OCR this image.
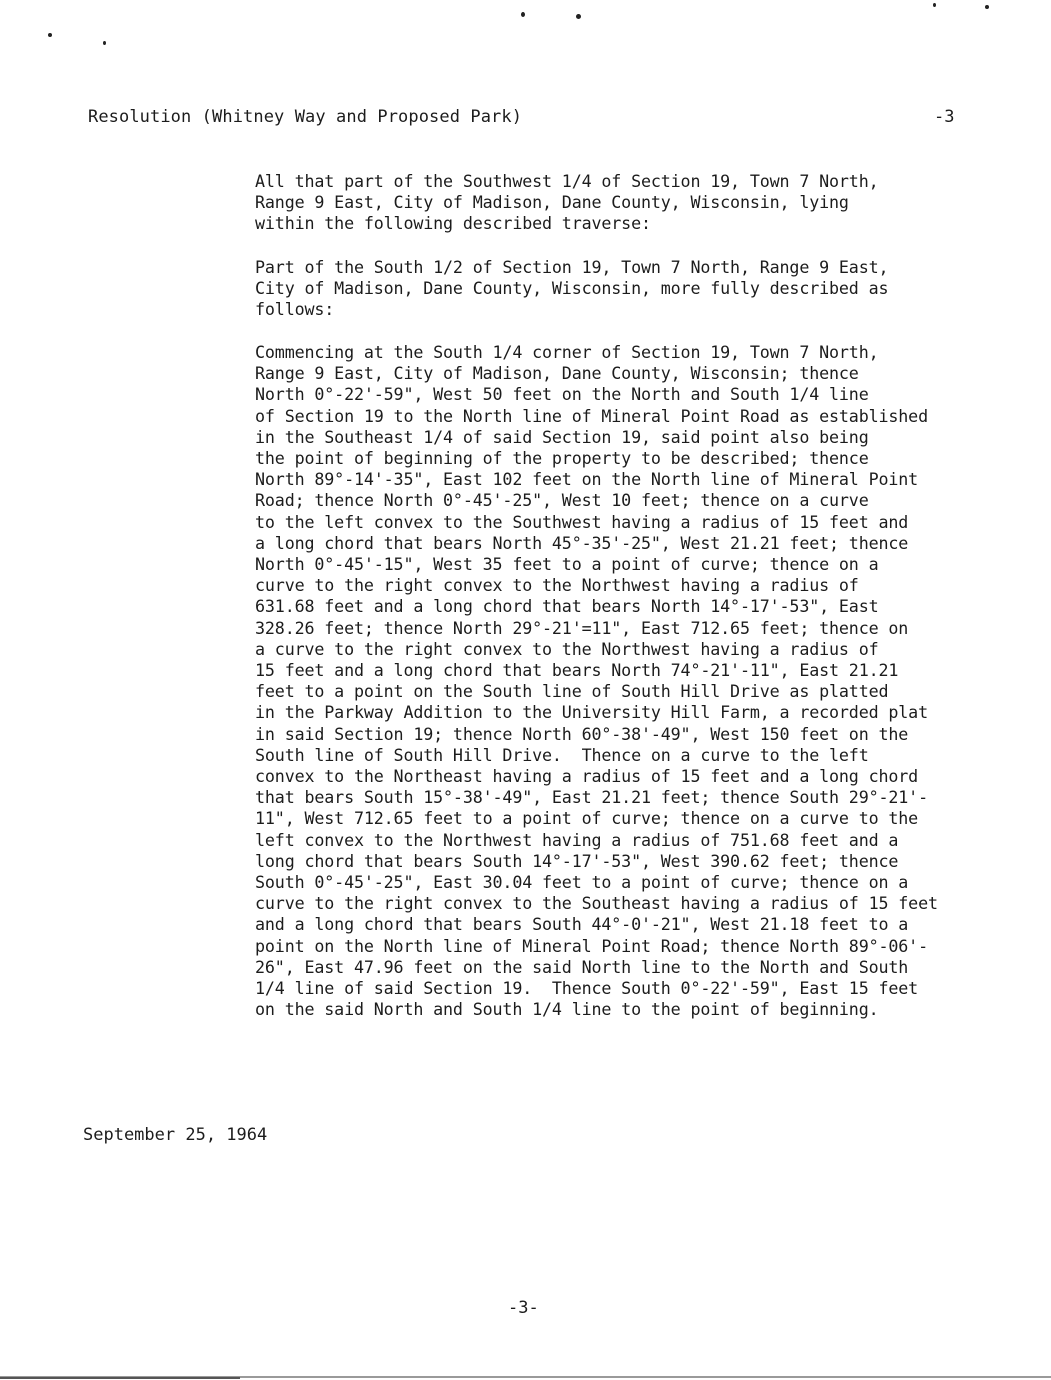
Resolution (Whitney Way and Proposed Park)	-3
All that part of the Southwest 1/4 of Section 19, Town 7 North,
Range 9 East, City of Madison, Dane County, Wisconsin, lying
within the following described traverse:
Part of the South 1/2 of Section 19, Town 7 North, Range 9 East,
City of Madison, Dane County, Wisconsin, more fully described as
follows:
Commencing at the South 1/4 corner of Section 19, Town 7 North,
Range 9 East, City of Madison, Dane County, Wisconsin; thence
North 0°-22'-59", West 50 feet on the North and South 1/4 line
of Section 19 to the North line of Mineral Point Road as established
in the Southeast 1/4 of said Section 19, said point also being
the point of beginning of the property to be described; thence
North 89°-14'-35", East 102 feet on the North line of Mineral Point
Road; thence North 0°-45'-25", West 10 feet; thence on a curve
to the left convex to the Southwest having a radius of 15 feet and
a long chord that bears North 45°-35'-25", West 21.21 feet; thence
North 0°-45'-15", West 35 feet to a point of curve; thence on a
curve to the right convex to the Northwest having a radius of
631.68 feet and a long chord that bears North 14°-17'-53", East
328.26 feet; thence North 29°-21'=11", East 712.65 feet; thence on
a curve to the right convex to the Northwest having a radius of
15 feet and a long chord that bears North 74°-21'-11", East 21.21
feet to a point on the South line of South Hill Drive as platted
in the Parkway Addition to the University Hill Farm, a recorded plat
in said Section 19; thence North 60°-38'-49", West 150 feet on the
South line of South Hill Drive.  Thence on a curve to the left
convex to the Northeast having a radius of 15 feet and a long chord
that bears South 15°-38'-49", East 21.21 feet; thence South 29°-21'-
11", West 712.65 feet to a point of curve; thence on a curve to the
left convex to the Northwest having a radius of 751.68 feet and a
long chord that bears South 14°-17'-53", West 390.62 feet; thence
South 0°-45'-25", East 30.04 feet to a point of curve; thence on a
curve to the right convex to the Southeast having a radius of 15 feet
and a long chord that bears South 44°-0'-21", West 21.18 feet to a
point on the North line of Mineral Point Road; thence North 89°-06'-
26", East 47.96 feet on the said North line to the North and South
1/4 line of said Section 19.  Thence South 0°-22'-59", East 15 feet
on the said North and South 1/4 line to the point of beginning.
September 25, 1964
-3-
